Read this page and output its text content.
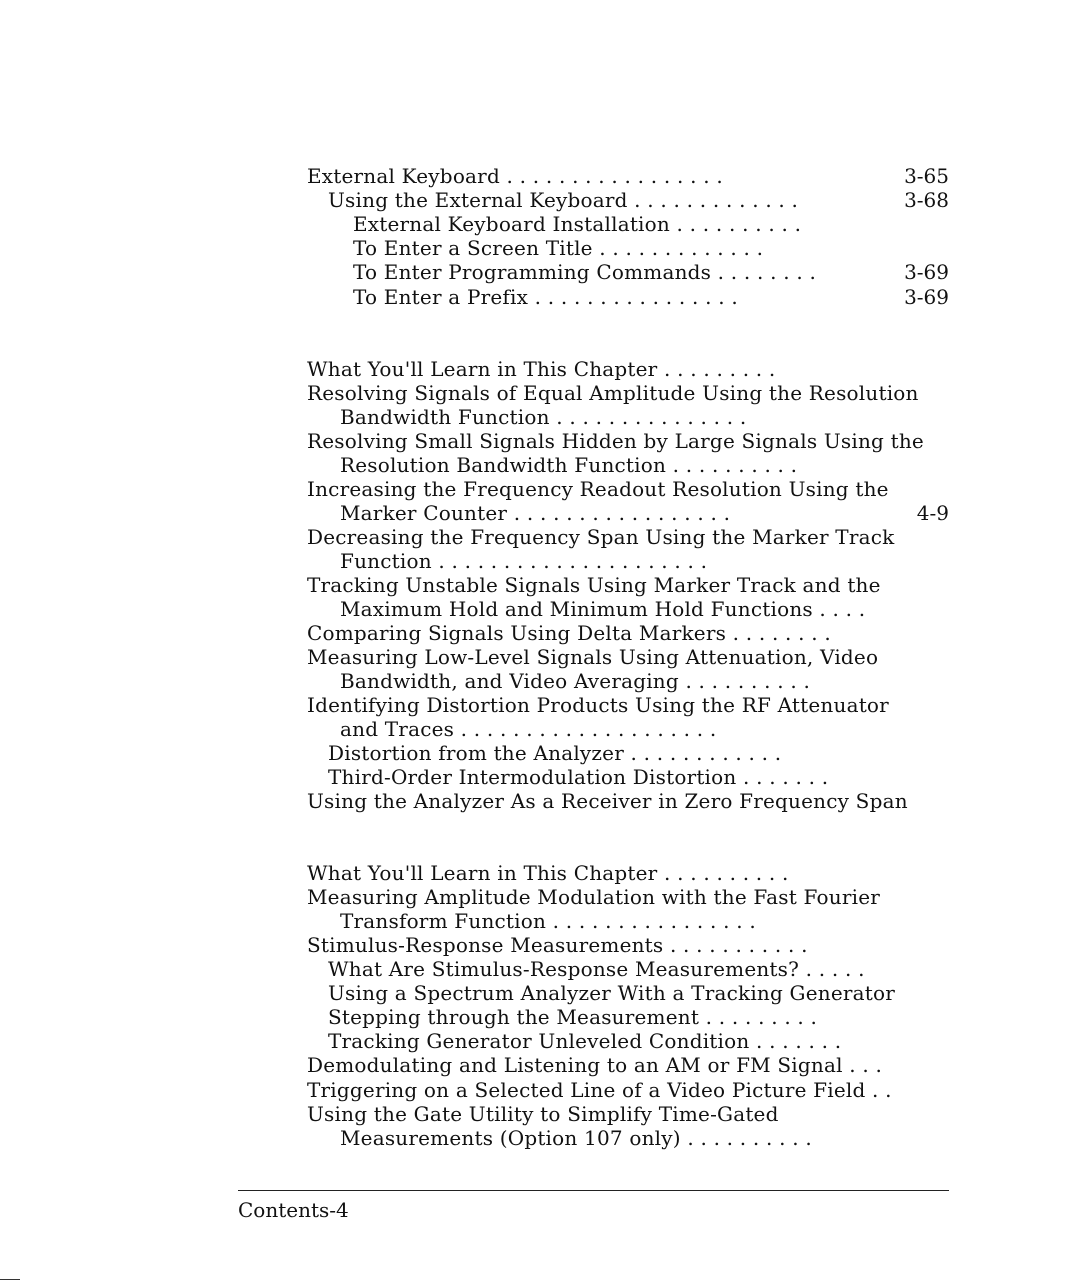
External Keyboard . . . . . . . . . . . . . . . . .	3-65
Using the External Keyboard . . . . . . . . . . . . .	3-68
External Keyboard Installation . . . . . . . . . .
To Enter a Screen Title . . . . . . . . . . . . .
To Enter Programming Commands . . . . . . . .	3-69
To Enter a Prefix . . . . . . . . . . . . . . . .	3-69
What You'll Learn in This Chapter . . . . . . . . .
Resolving Signals of Equal Amplitude Using the Resolution
Bandwidth Function . . . . . . . . . . . . . . .
Resolving Small Signals Hidden by Large Signals Using the
Resolution Bandwidth Function . . . . . . . . . .
Increasing the Frequency Readout Resolution Using the
Marker Counter . . . . . . . . . . . . . . . . .	4-9
Decreasing the Frequency Span Using the Marker Track
Function . . . . . . . . . . . . . . . . . . . . .
Tracking Unstable Signals Using Marker Track and the
Maximum Hold and Minimum Hold Functions . . . .
Comparing Signals Using Delta Markers . . . . . . . .
Measuring Low-Level Signals Using Attenuation, Video
Bandwidth, and Video Averaging . . . . . . . . . .
Identifying Distortion Products Using the RF Attenuator
and Traces . . . . . . . . . . . . . . . . . . . .
Distortion from the Analyzer . . . . . . . . . . . .
Third-Order Intermodulation Distortion . . . . . . .
Using the Analyzer As a Receiver in Zero Frequency Span
What You'll Learn in This Chapter . . . . . . . . . .
Measuring Amplitude Modulation with the Fast Fourier
Transform Function . . . . . . . . . . . . . . . .
Stimulus-Response Measurements . . . . . . . . . . .
What Are Stimulus-Response Measurements? . . . . .
Using a Spectrum Analyzer With a Tracking Generator
Stepping through the Measurement . . . . . . . . .
Tracking Generator Unleveled Condition . . . . . . .
Demodulating and Listening to an AM or FM Signal . . .
Triggering on a Selected Line of a Video Picture Field . .
Using the Gate Utility to Simplify Time-Gated
Measurements (Option 107 only) . . . . . . . . . .
Contents-4
